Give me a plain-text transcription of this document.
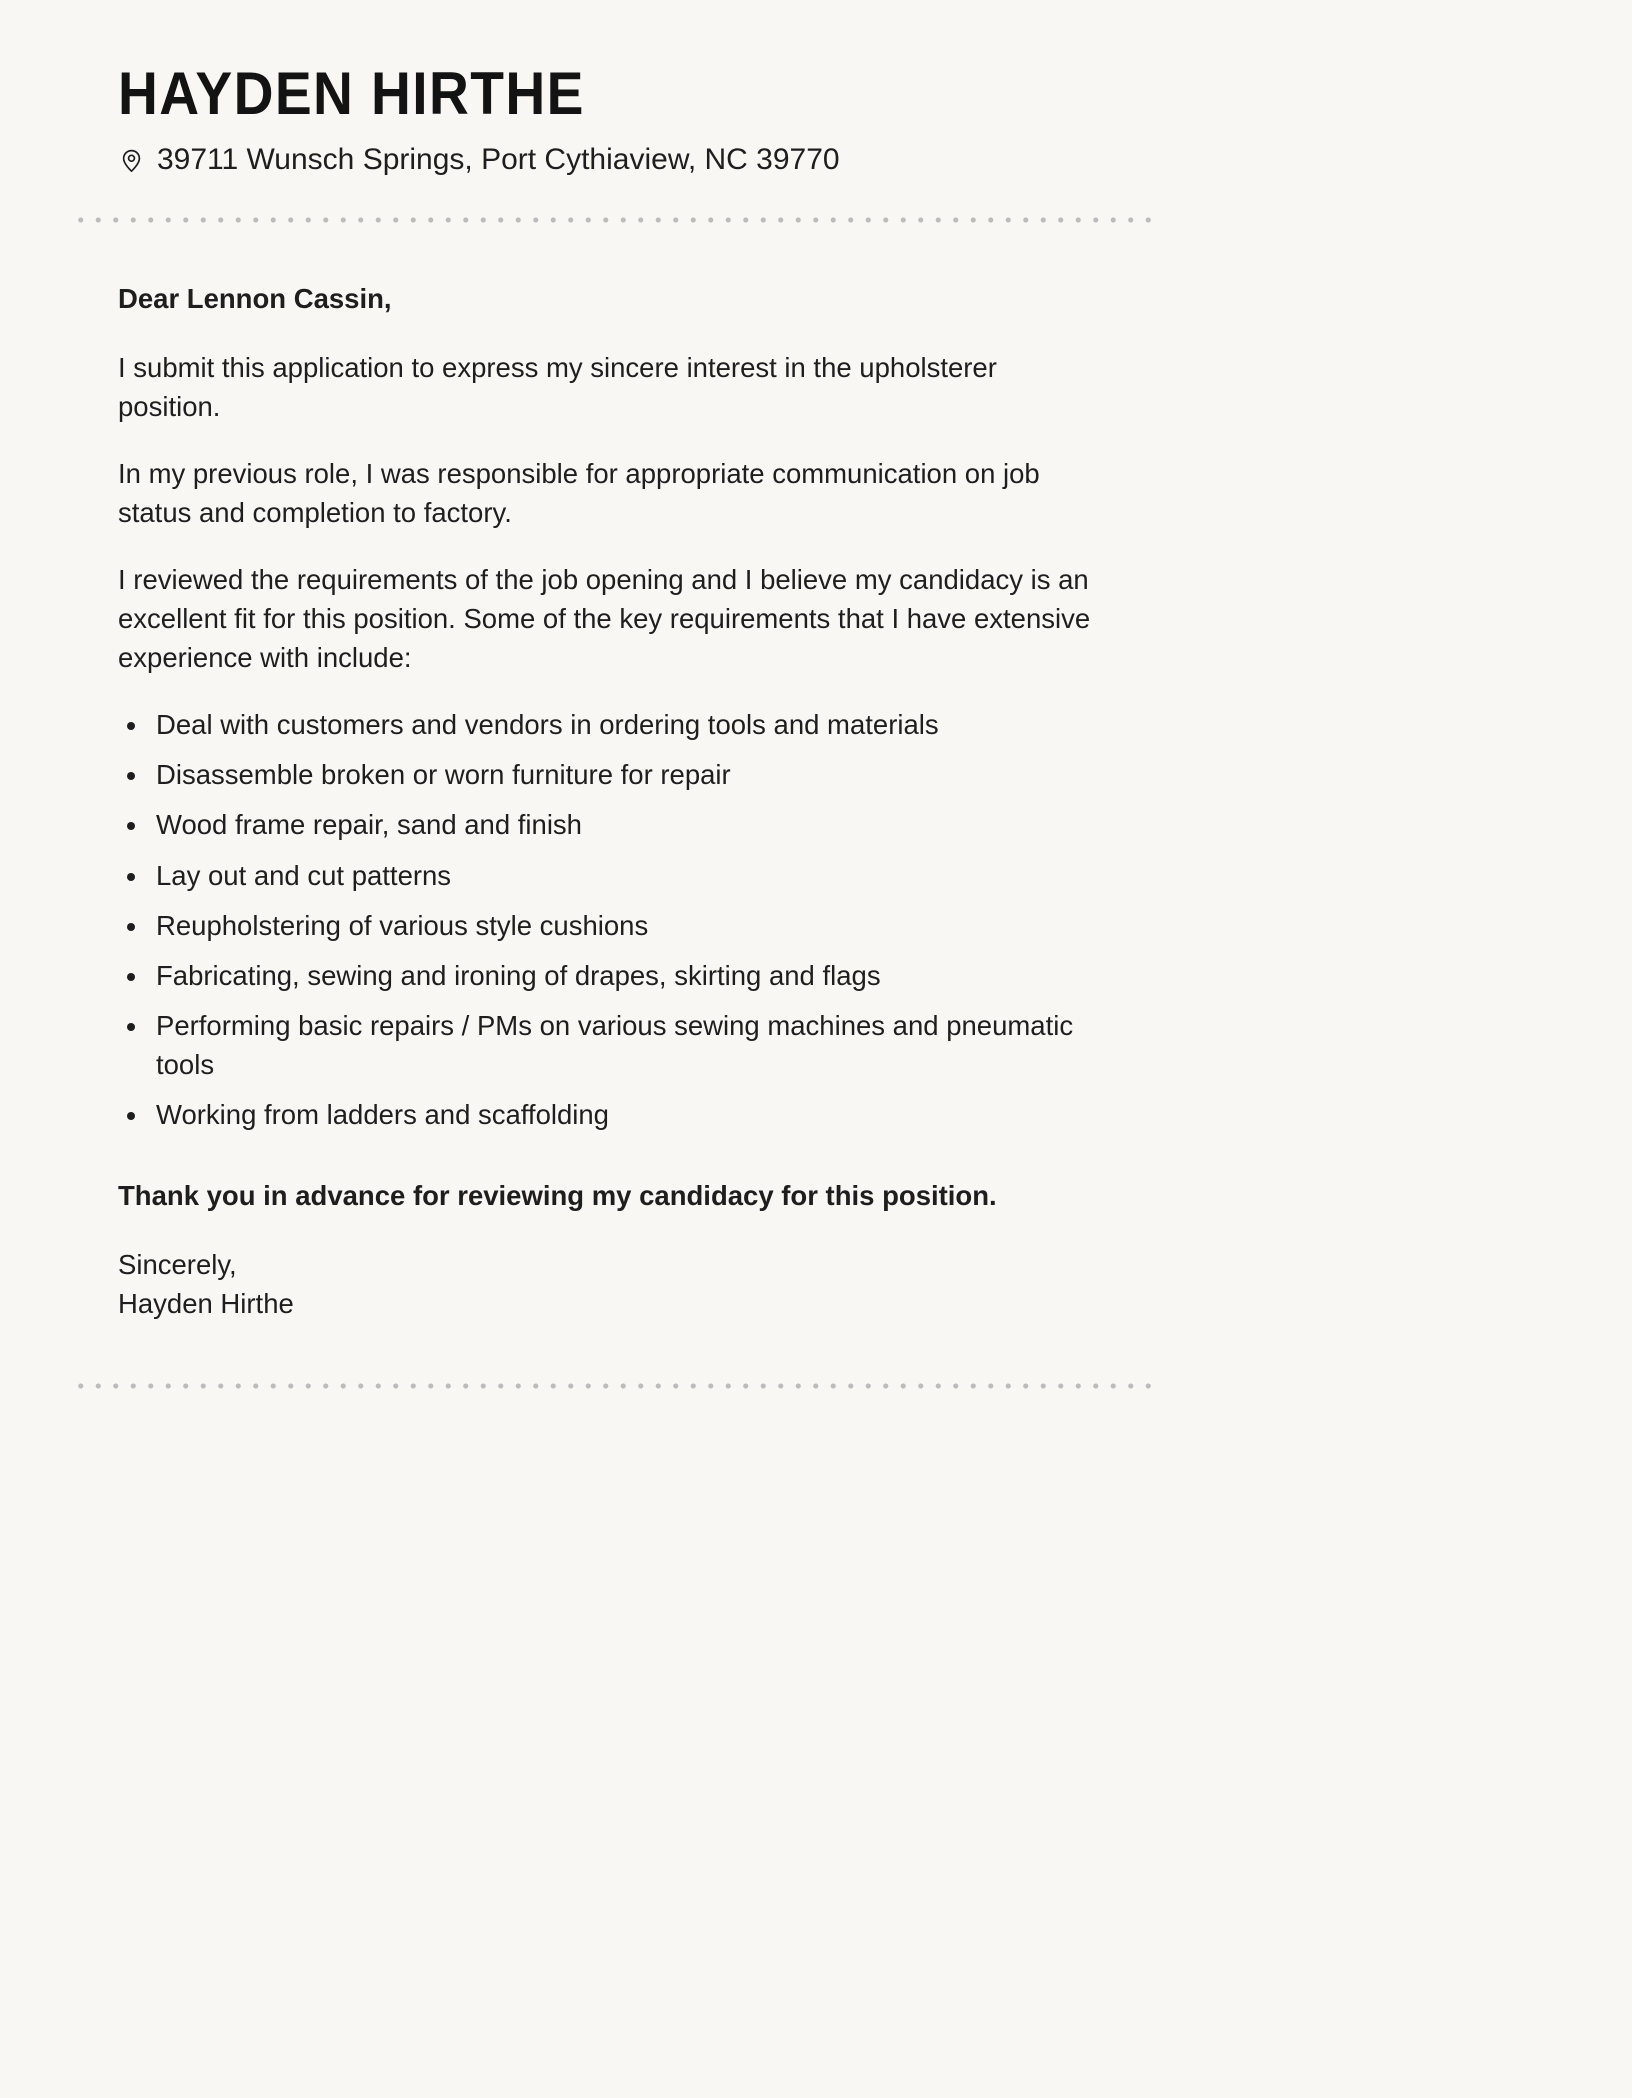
HAYDEN HIRTHE
39711 Wunsch Springs, Port Cythiaview, NC 39770

Dear Lennon Cassin,

I submit this application to express my sincere interest in the upholsterer position.

In my previous role, I was responsible for appropriate communication on job status and completion to factory.

I reviewed the requirements of the job opening and I believe my candidacy is an excellent fit for this position. Some of the key requirements that I have extensive experience with include:

• Deal with customers and vendors in ordering tools and materials
• Disassemble broken or worn furniture for repair
• Wood frame repair, sand and finish
• Lay out and cut patterns
• Reupholstering of various style cushions
• Fabricating, sewing and ironing of drapes, skirting and flags
• Performing basic repairs / PMs on various sewing machines and pneumatic tools
• Working from ladders and scaffolding

Thank you in advance for reviewing my candidacy for this position.

Sincerely,

Hayden Hirthe
